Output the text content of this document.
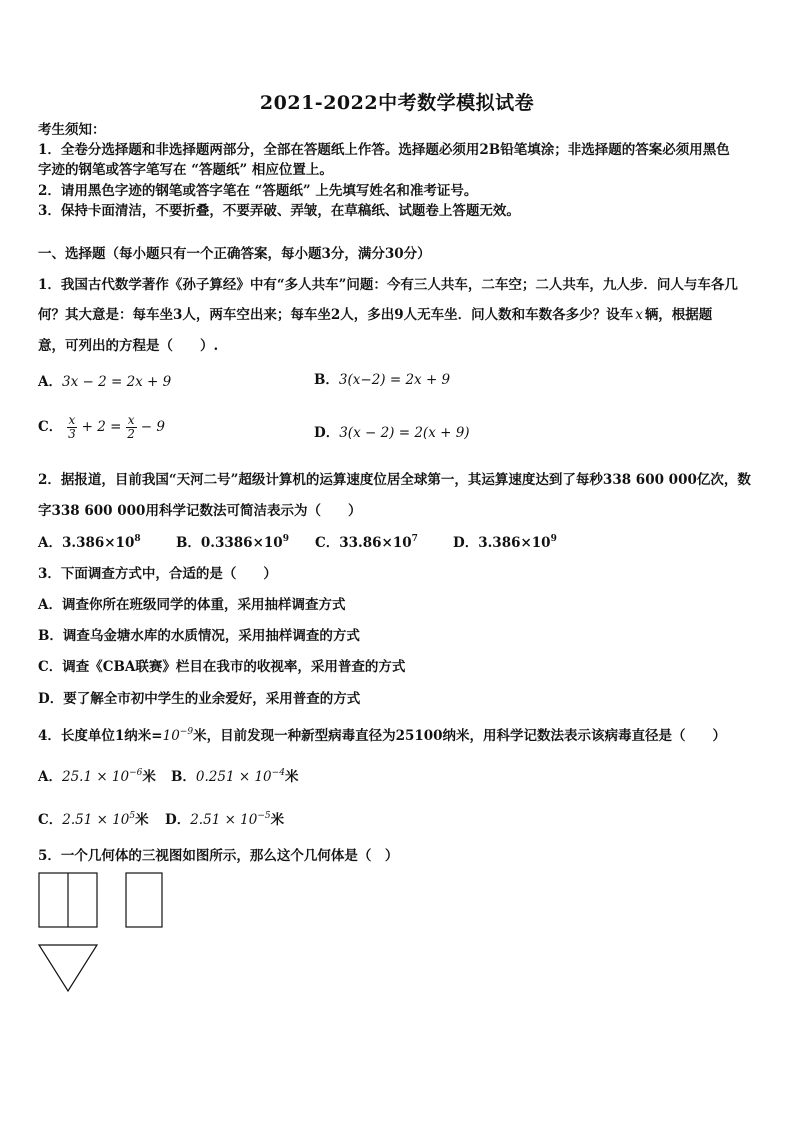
2021-2022中考数学模拟试卷
考生须知：
1．全卷分选择题和非选择题两部分，全部在答题纸上作答。选择题必须用2B铅笔填涂；非选择题的答案必须用黑色
字迹的钢笔或答字笔写在 “答题纸” 相应位置上。
2．请用黑色字迹的钢笔或答字笔在 “答题纸” 上先填写姓名和准考证号。
3．保持卡面清洁，不要折叠，不要弄破、弄皱，在草稿纸、试题卷上答题无效。
一、选择题（每小题只有一个正确答案，每小题3分，满分30分）
1．我国古代数学著作《孙子算经》中有“多人共车”问题：今有三人共车，二车空；二人共车，九人步．问人与车各几
何？其大意是：每车坐3人，两车空出来；每车坐2人，多出9人无车坐．问人数和车数各多少？设车 x 辆，根据题
意，可列出的方程是（　　）.
A．3x − 2 = 2x + 9	B．3(x−2) = 2x + 9
C． $\frac{x}{3} + 2 = \frac{x}{2} - 9$	D．3(x − 2) = 2(x + 9)
2．据报道，目前我国“天河二号”超级计算机的运算速度位居全球第一，其运算速度达到了每秒338 600 000亿次，数
字338 600 000用科学记数法可简洁表示为（　　）
A．$3.386\times 10^8$	B．$0.3386\times 10^9$ C．$33.86\times 10^7$	D．$3.386\times 10^9$
3．下面调查方式中，合适的是（　　）
A．调查你所在班级同学的体重，采用抽样调查方式
B．调查乌金塘水库的水质情况，采用抽样调查的方式
C．调查《CBA联赛》栏目在我市的收视率，采用普查的方式
D．要了解全市初中学生的业余爱好，采用普查的方式
4．长度单位1纳米$=10^{-9}$米，目前发现一种新型病毒直径为25100纳米，用科学记数法表示该病毒直径是（　　）
A．$25.1 \times 10^{-6}$米 B．$0.251 \times 10^{-4}$米
C．$2.51 \times 10^5$米 D．$2.51 \times 10^{-5}$米
5．一个几何体的三视图如图所示，那么这个几何体是（　）
